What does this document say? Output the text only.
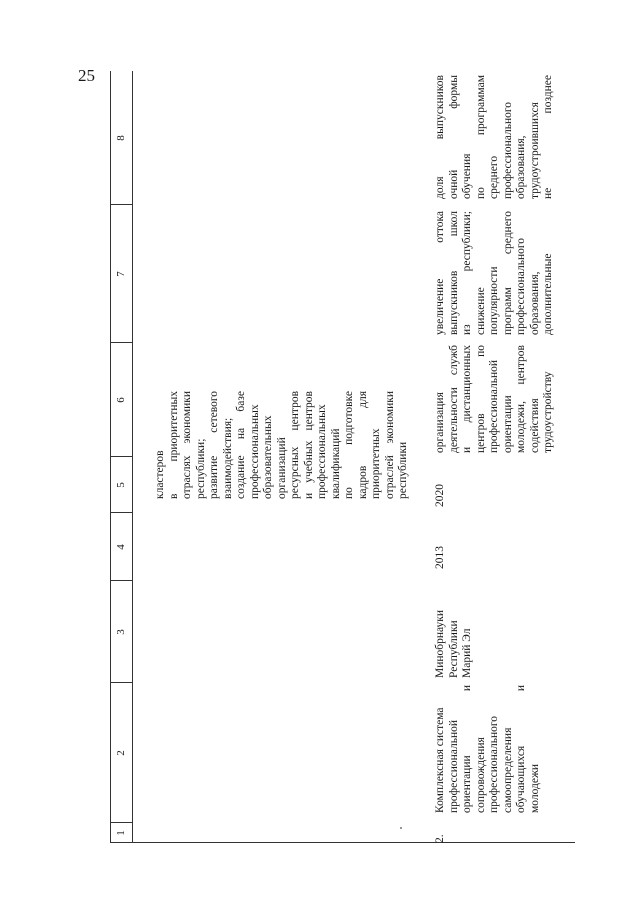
25
1
2
3
4
5
6
7
8
кластеров в приоритетных отраслях экономики республики; развитие сетевого взаимодействия; создание на базе профессиональных образовательных организаций ресурсных центров и учебных центров профессиональных квалификаций по подготовке кадров для приоритетных отраслей экономики республики
2.
Комплексная система профессиональной ориентации и сопровождения профессионального самоопределения обучающихся и молодежи
Минобрнауки Республики Марий Эл
2013
2020
организация деятельности служб и дистанционных центров по профессиональной ориентации молодежи, центров содействия трудоустройству
увеличение оттока выпускников школ из республики; снижение популярности программ среднего профессионального образования, дополнительные
доля выпускников очной формы обучения по программам среднего профессионального образования, трудоустроившихся не позднее
